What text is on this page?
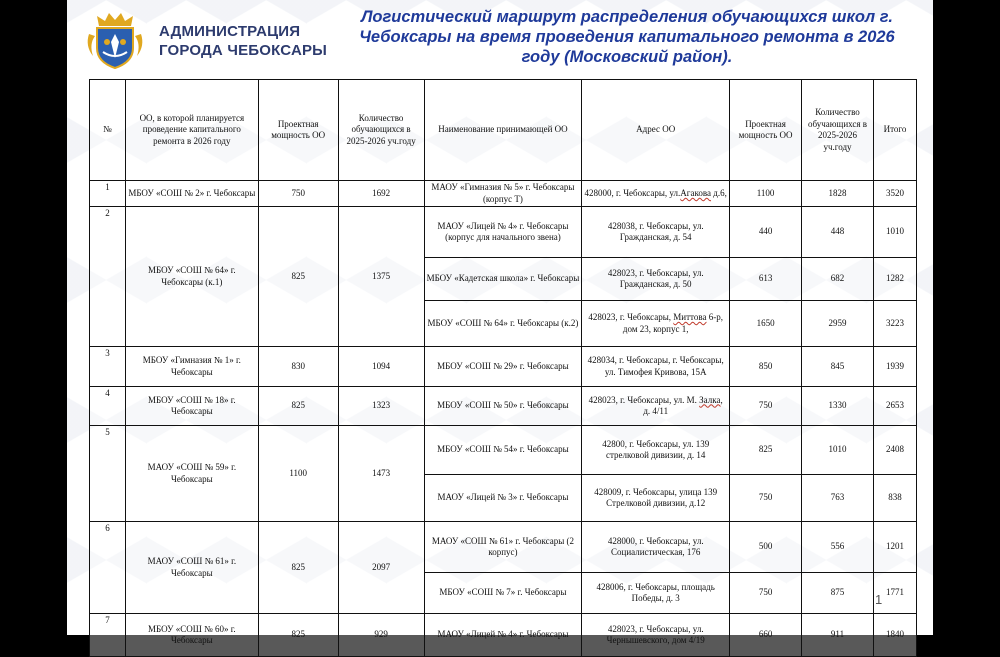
АДМИНИСТРАЦИЯ
ГОРОДА ЧЕБОКСАРЫ
Логистический маршрут распределения обучающихся школ г. Чебоксары на время проведения капитального ремонта в 2026 году (Московский район).
№	ОО, в которой планируется проведение капитального ремонта в 2026 году	Проектная мощность ОО	Количество обучающихся в 2025-2026 уч.году	Наименование принимающей ОО	Адрес ОО	Проектная мощность ОО	Количество обучающихся в 2025-2026 уч.году	Итого
1	МБОУ «СОШ № 2» г. Чебоксары	750	1692	МАОУ «Гимназия № 5» г. Чебоксары (корпус Т)	428000, г. Чебоксары, ул.Агакова д.6,	1100	1828	3520
2	МБОУ «СОШ № 64» г. Чебоксары (к.1)	825	1375	МАОУ «Лицей № 4» г. Чебоксары (корпус для начального звена)	428038, г. Чебоксары, ул. Гражданская, д. 54	440	448	1010
				МБОУ «Кадетская школа» г. Чебоксары	428023, г. Чебоксары, ул. Гражданская, д. 50	613	682	1282
				МБОУ «СОШ № 64» г. Чебоксары (к.2)	428023, г. Чебоксары, Миттова 6-р, дом 23, корпус 1,	1650	2959	3223
3	МБОУ «Гимназия № 1» г. Чебоксары	830	1094	МБОУ «СОШ № 29» г. Чебоксары	428034, г. Чебоксары, г. Чебоксары, ул. Тимофея Кривова, 15А	850	845	1939
4	МБОУ «СОШ № 18» г. Чебоксары	825	1323	МБОУ «СОШ № 50» г. Чебоксары	428023, г. Чебоксары, ул. М. Залка, д. 4/11	750	1330	2653
5	МАОУ «СОШ № 59» г. Чебоксары	1100	1473	МБОУ «СОШ № 54» г. Чебоксары	42800, г. Чебоксары, ул. 139 стрелковой дивизии, д. 14	825	1010	2408
				МАОУ «Лицей № 3» г. Чебоксары	428009, г. Чебоксары, улица 139 Стрелковой дивизии, д.12	750	763	838
6	МАОУ «СОШ № 61» г. Чебоксары	825	2097	МАОУ «СОШ № 61» г. Чебоксары (2 корпус)	428000, г. Чебоксары, ул. Социалистическая, 176	500	556	1201
				МБОУ «СОШ № 7» г. Чебоксары	428006, г. Чебоксары, площадь Победы, д. 3	750	875	1771
7	МБОУ «СОШ № 60» г. Чебоксары	825	929	МАОУ «Лицей № 4» г. Чебоксары	428023, г. Чебоксары, ул. Чернышевского, дом 4/19	660	911	1840
1
